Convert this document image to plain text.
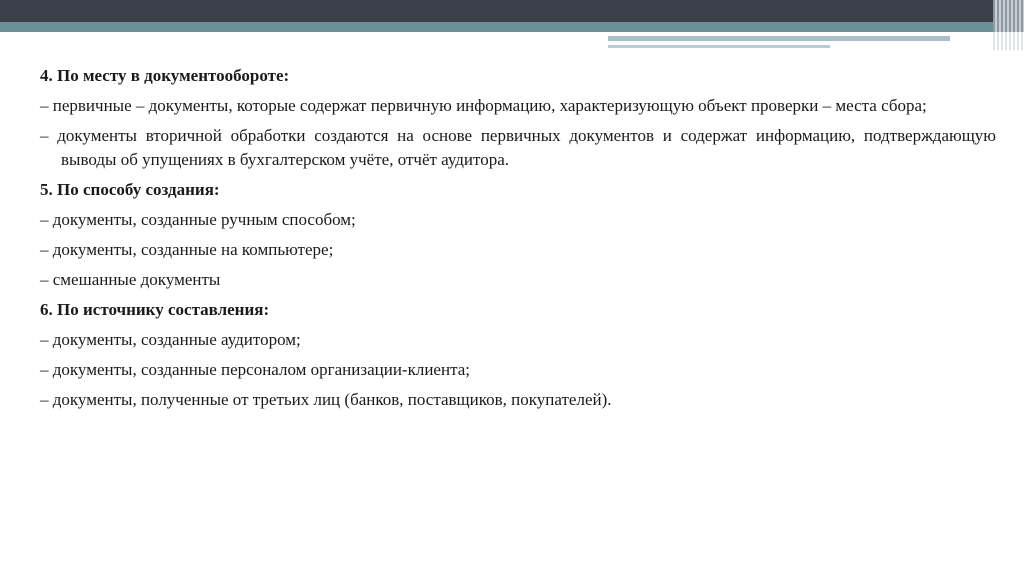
4. По месту в документообороте:
– первичные – документы, которые содержат первичную информацию, характеризующую объект проверки – места сбора;
– документы вторичной обработки создаются на основе первичных документов и содержат информацию, подтверждающую выводы об упущениях в бухгалтерском учёте, отчёт аудитора.
5. По способу создания:
– документы, созданные ручным способом;
– документы, созданные на компьютере;
– смешанные документы
6. По источнику составления:
– документы, созданные аудитором;
– документы, созданные персоналом организации-клиента;
– документы, полученные от третьих лиц (банков, поставщиков, покупателей).
